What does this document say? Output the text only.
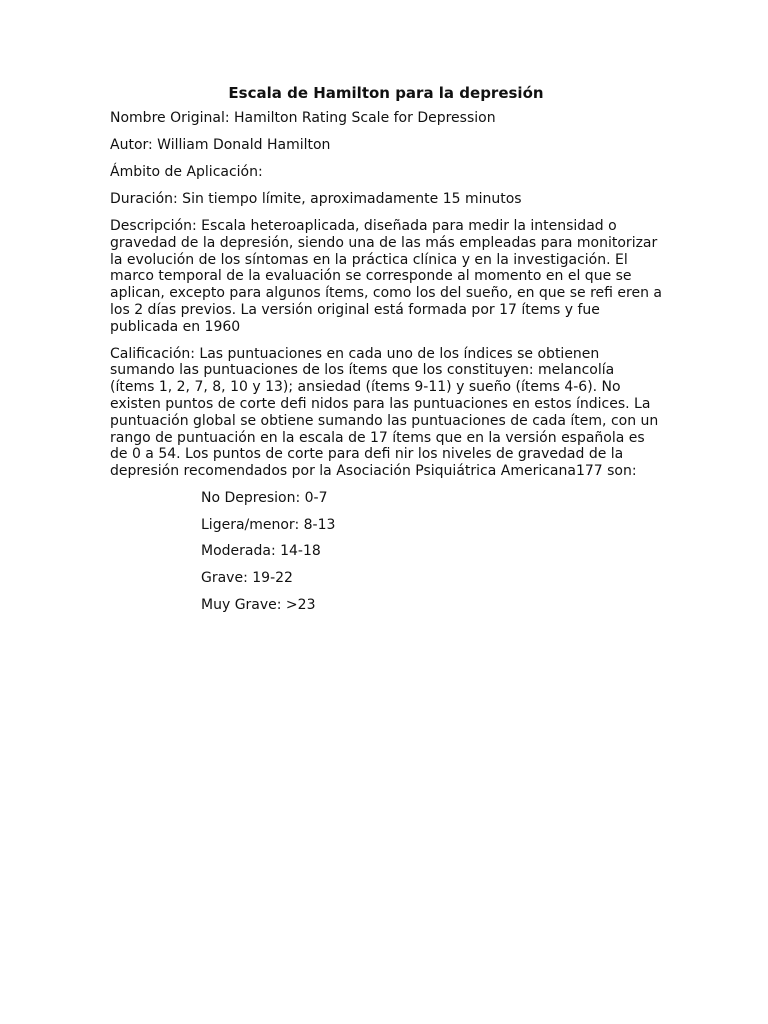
Escala de Hamilton para la depresión
Nombre Original: Hamilton Rating Scale for Depression
Autor: William Donald Hamilton
Ámbito de Aplicación:
Duración: Sin tiempo límite, aproximadamente 15 minutos
Descripción: Escala heteroaplicada, diseñada para medir la intensidad o gravedad de la depresión, siendo una de las más empleadas para monitorizar la evolución de los síntomas en la práctica clínica y en la investigación. El marco temporal de la evaluación se corresponde al momento en el que se aplican, excepto para algunos ítems, como los del sueño, en que se refi eren a los 2 días previos. La versión original está formada por 17 ítems y fue publicada en 1960
Calificación: Las puntuaciones en cada uno de los índices se obtienen sumando las puntuaciones de los ítems que los constituyen: melancolía (ítems 1, 2, 7, 8, 10 y 13); ansiedad (ítems 9-11) y sueño (ítems 4-6). No existen puntos de corte defi nidos para las puntuaciones en estos índices. La puntuación global se obtiene sumando las puntuaciones de cada ítem, con un rango de puntuación en la escala de 17 ítems que en la versión española es de 0 a 54. Los puntos de corte para defi nir los niveles de gravedad de la depresión recomendados por la Asociación Psiquiátrica Americana177 son:
No Depresion: 0-7
Ligera/menor: 8-13
Moderada: 14-18
Grave: 19-22
Muy Grave: >23
